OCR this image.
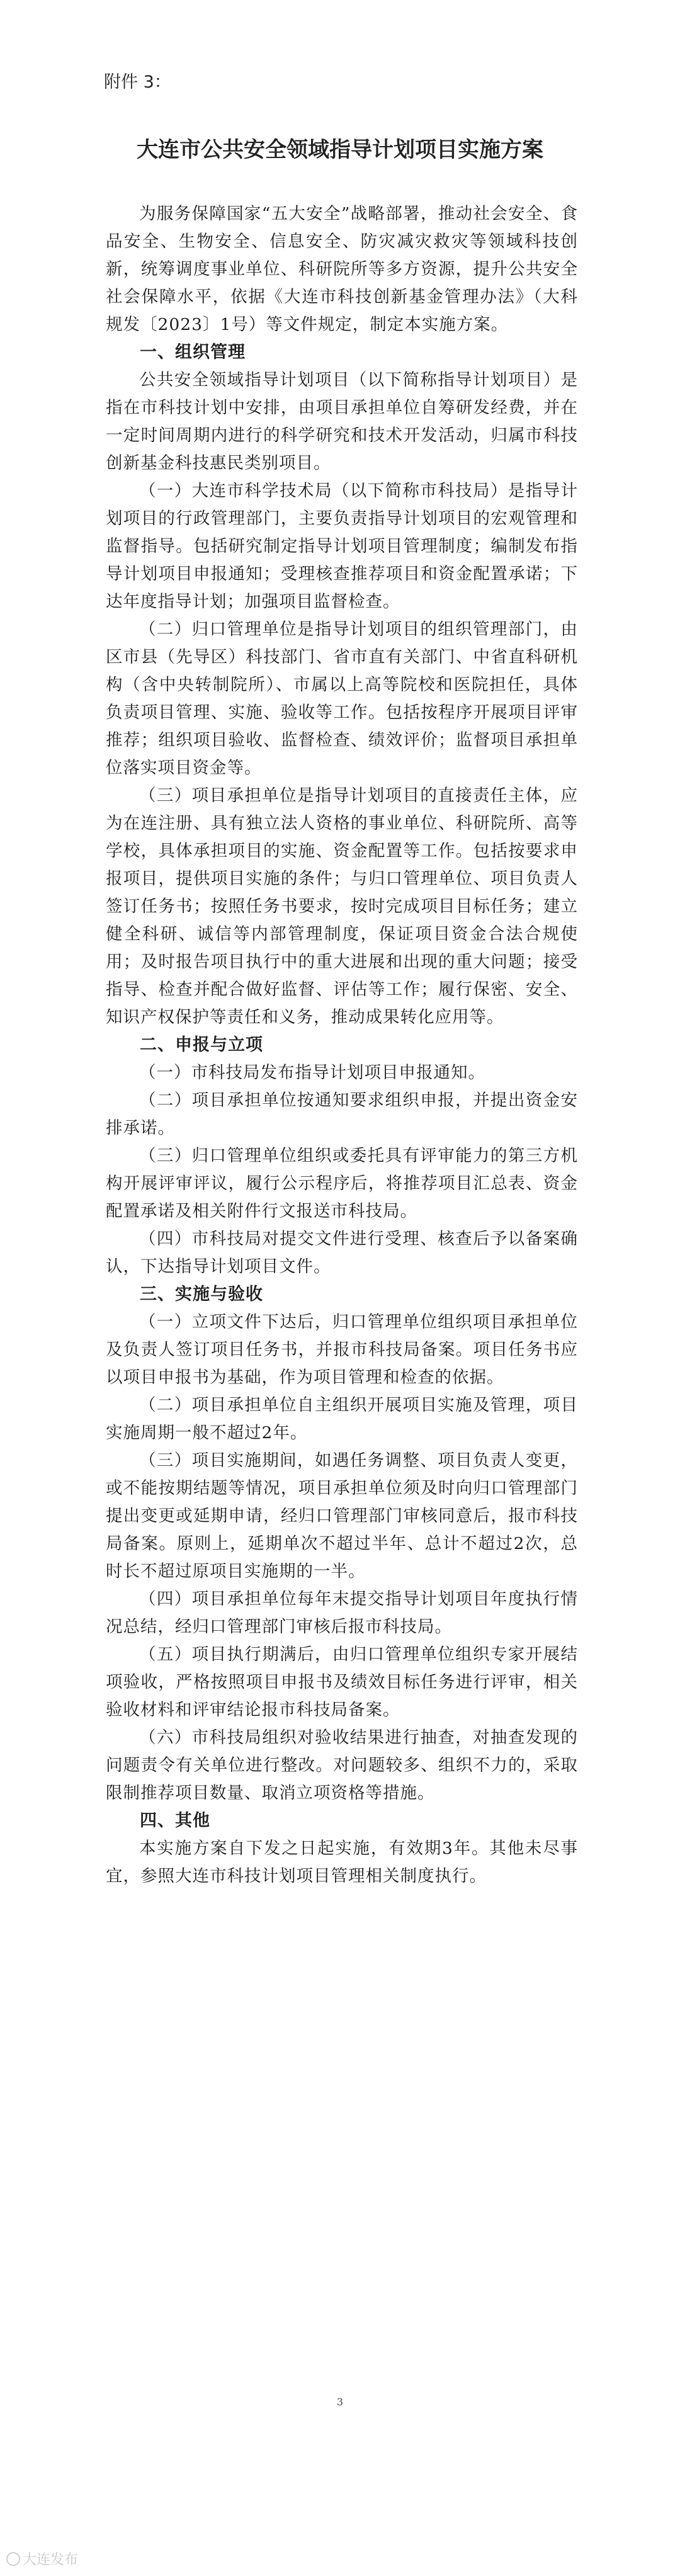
附件 3：
大连市公共安全领域指导计划项目实施方案

为服务保障国家“五大安全”战略部署，推动社会安全、食品安全、生物安全、信息安全、防灾减灾救灾等领域科技创新，统筹调度事业单位、科研院所等多方资源，提升公共安全社会保障水平，依据《大连市科技创新基金管理办法》（大科规发〔2023〕1号）等文件规定，制定本实施方案。

一、组织管理

公共安全领域指导计划项目（以下简称指导计划项目）是指在市科技计划中安排，由项目承担单位自筹研发经费，并在一定时间周期内进行的科学研究和技术开发活动，归属市科技创新基金科技惠民类别项目。

（一）大连市科学技术局（以下简称市科技局）是指导计划项目的行政管理部门，主要负责指导计划项目的宏观管理和监督指导。包括研究制定指导计划项目管理制度；编制发布指导计划项目申报通知；受理核查推荐项目和资金配置承诺；下达年度指导计划；加强项目监督检查。

（二）归口管理单位是指导计划项目的组织管理部门，由区市县（先导区）科技部门、省市直有关部门、中省直科研机构（含中央转制院所）、市属以上高等院校和医院担任，具体负责项目管理、实施、验收等工作。包括按程序开展项目评审推荐；组织项目验收、监督检查、绩效评价；监督项目承担单位落实项目资金等。

（三）项目承担单位是指导计划项目的直接责任主体，应为在连注册、具有独立法人资格的事业单位、科研院所、高等学校，具体承担项目的实施、资金配置等工作。包括按要求申报项目，提供项目实施的条件；与归口管理单位、项目负责人签订任务书；按照任务书要求，按时完成项目目标任务；建立健全科研、诚信等内部管理制度，保证项目资金合法合规使用；及时报告项目执行中的重大进展和出现的重大问题；接受指导、检查并配合做好监督、评估等工作；履行保密、安全、知识产权保护等责任和义务，推动成果转化应用等。

二、申报与立项

（一）市科技局发布指导计划项目申报通知。

（二）项目承担单位按通知要求组织申报，并提出资金安排承诺。

（三）归口管理单位组织或委托具有评审能力的第三方机构开展评审评议，履行公示程序后，将推荐项目汇总表、资金配置承诺及相关附件行文报送市科技局。

（四）市科技局对提交文件进行受理、核查后予以备案确认，下达指导计划项目文件。

三、实施与验收

（一）立项文件下达后，归口管理单位组织项目承担单位及负责人签订项目任务书，并报市科技局备案。项目任务书应以项目申报书为基础，作为项目管理和检查的依据。

（二）项目承担单位自主组织开展项目实施及管理，项目实施周期一般不超过2年。

（三）项目实施期间，如遇任务调整、项目负责人变更，或不能按期结题等情况，项目承担单位须及时向归口管理部门提出变更或延期申请，经归口管理部门审核同意后，报市科技局备案。原则上，延期单次不超过半年、总计不超过2次，总时长不超过原项目实施期的一半。

（四）项目承担单位每年末提交指导计划项目年度执行情况总结，经归口管理部门审核后报市科技局。

（五）项目执行期满后，由归口管理单位组织专家开展结项验收，严格按照项目申报书及绩效目标任务进行评审，相关验收材料和评审结论报市科技局备案。

（六）市科技局组织对验收结果进行抽查，对抽查发现的问题责令有关单位进行整改。对问题较多、组织不力的，采取限制推荐项目数量、取消立项资格等措施。

四、其他

本实施方案自下发之日起实施，有效期3年。其他未尽事宜，参照大连市科技计划项目管理相关制度执行。

3
大连发布
